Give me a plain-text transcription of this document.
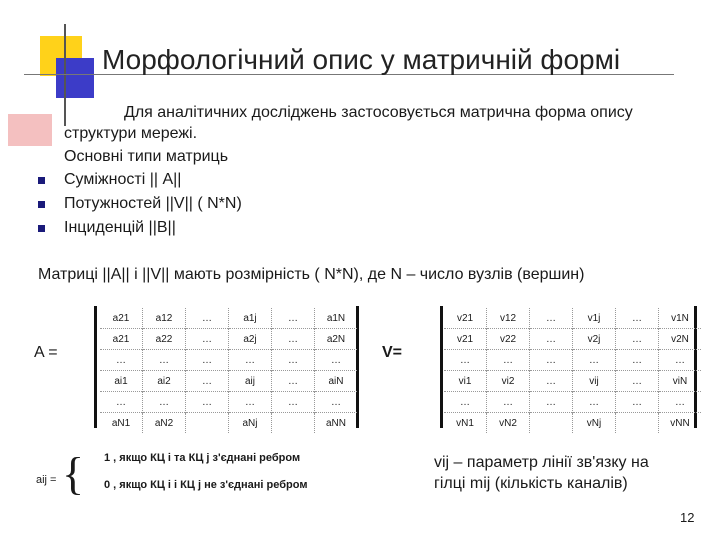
Морфологічний опис у матричній формі
Для аналітичних досліджень застосовується матрична форма опису
структури мережі.
Основні типи матриць
Суміжності || А||
Потужностей ||V|| ( N*N)
Інциденцій ||B||
Матриці ||A|| і ||V|| мають розмірність ( N*N), де N – число вузлів (вершин)
A =
a21	a12	…	a1j	…	a1N
a21	a22	…	a2j	…	a2N
…	…	…	…	…	…
ai1	ai2	…	aij	…	aiN
…	…	…	…	…	…
aN1	aN2		aNj		aNN
V=
v21	v12	…	v1j	…	v1N
v21	v22	…	v2j	…	v2N
…	…	…	…	…	…
vi1	vi2	…	vij	…	viN
…	…	…	…	…	…
vN1	vN2		vNj		vNN
aij = { 1 , якщо КЦ і та КЦ j з'єднані ребром
0 , якщо КЦ і і КЦ j не з'єднані ребром
vij – параметр лінії зв'язку на
гілці mij (кількість каналів)
12
